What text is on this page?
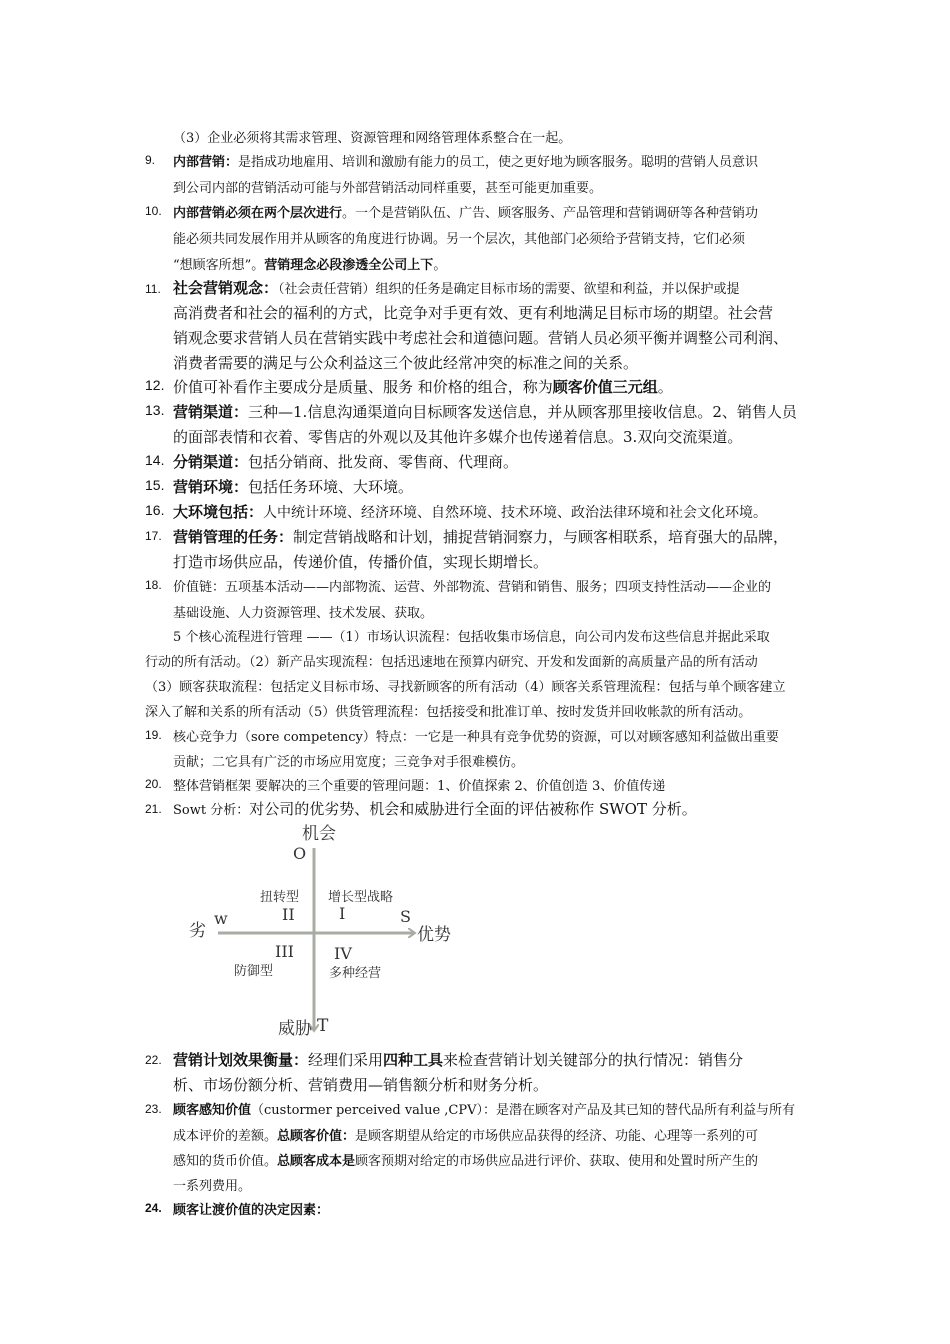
（3）企业必须将其需求管理、资源管理和网络管理体系整合在一起。
9. 内部营销：是指成功地雇用、培训和激励有能力的员工，使之更好地为顾客服务。聪明的营销人员意识
到公司内部的营销活动可能与外部营销活动同样重要，甚至可能更加重要。
10. 内部营销必须在两个层次进行。一个是营销队伍、广告、顾客服务、产品管理和营销调研等各种营销功
能必须共同发展作用并从顾客的角度进行协调。另一个层次，其他部门必须给予营销支持，它们必须
“想顾客所想”。营销理念必段渗透全公司上下。
11. 社会营销观念：（社会责任营销）组织的任务是确定目标市场的需要、欲望和利益，并以保护或提
高消费者和社会的福利的方式，比竞争对手更有效、更有利地满足目标市场的期望。社会营
销观念要求营销人员在营销实践中考虑社会和道德问题。营销人员必须平衡并调整公司利润、
消费者需要的满足与公众利益这三个彼此经常冲突的标准之间的关系。
12. 价值可补看作主要成分是质量、服务 和价格的组合，称为顾客价值三元组。
13. 营销渠道：三种—1.信息沟通渠道向目标顾客发送信息，并从顾客那里接收信息。2、销售人员
的面部表情和衣着、零售店的外观以及其他许多媒介也传递着信息。3.双向交流渠道。
14. 分销渠道：包括分销商、批发商、零售商、代理商。
15. 营销环境：包括任务环境、大环境。
16. 大环境包括：人中统计环境、经济环境、自然环境、技术环境、政治法律环境和社会文化环境。
17. 营销管理的任务：制定营销战略和计划，捕捉营销洞察力，与顾客相联系，培育强大的品牌，
打造市场供应品，传递价值，传播价值，实现长期增长。
18. 价值链：五项基本活动——内部物流、运营、外部物流、营销和销售、服务；四项支持性活动——企业的
基础设施、人力资源管理、技术发展、获取。
5 个核心流程进行管理 ——（1）市场认识流程：包括收集市场信息，向公司内发布这些信息并据此采取
行动的所有活动。（2）新产品实现流程：包括迅速地在预算内研究、开发和发面新的高质量产品的所有活动
（3）顾客获取流程：包括定义目标市场、寻找新顾客的所有活动（4）顾客关系管理流程：包括与单个顾客建立
深入了解和关系的所有活动（5）供货管理流程：包括接受和批准订单、按时发货并回收帐款的所有活动。
19. 核心竞争力（sore competency）特点：一它是一种具有竞争优势的资源，可以对顾客感知利益做出重要
贡献；二它具有广泛的市场应用宽度；三竞争对手很难模仿。
20. 整体营销框架 要解决的三个重要的管理问题：1、价值探索 2、价值创造 3、价值传递
21. Sowt 分析：对公司的优劣势、机会和威胁进行全面的评估被称作 SWOT 分析。
机会
O
威胁 T
劣
w
优势
S
增长型战略
I
扭转型
II
III
防御型
IV
多种经营
22. 营销计划效果衡量：经理们采用四种工具来检查营销计划关键部分的执行情况：销售分
析、市场份额分析、营销费用—销售额分析和财务分析。
23. 顾客感知价值（custormer perceived value ,CPV）：是潜在顾客对产品及其已知的替代品所有利益与所有
成本评价的差额。总顾客价值：是顾客期望从给定的市场供应品获得的经济、功能、心理等一系列的可
感知的货币价值。总顾客成本是顾客预期对给定的市场供应品进行评价、获取、使用和处置时所产生的
一系列费用。
24. 顾客让渡价值的决定因素：
